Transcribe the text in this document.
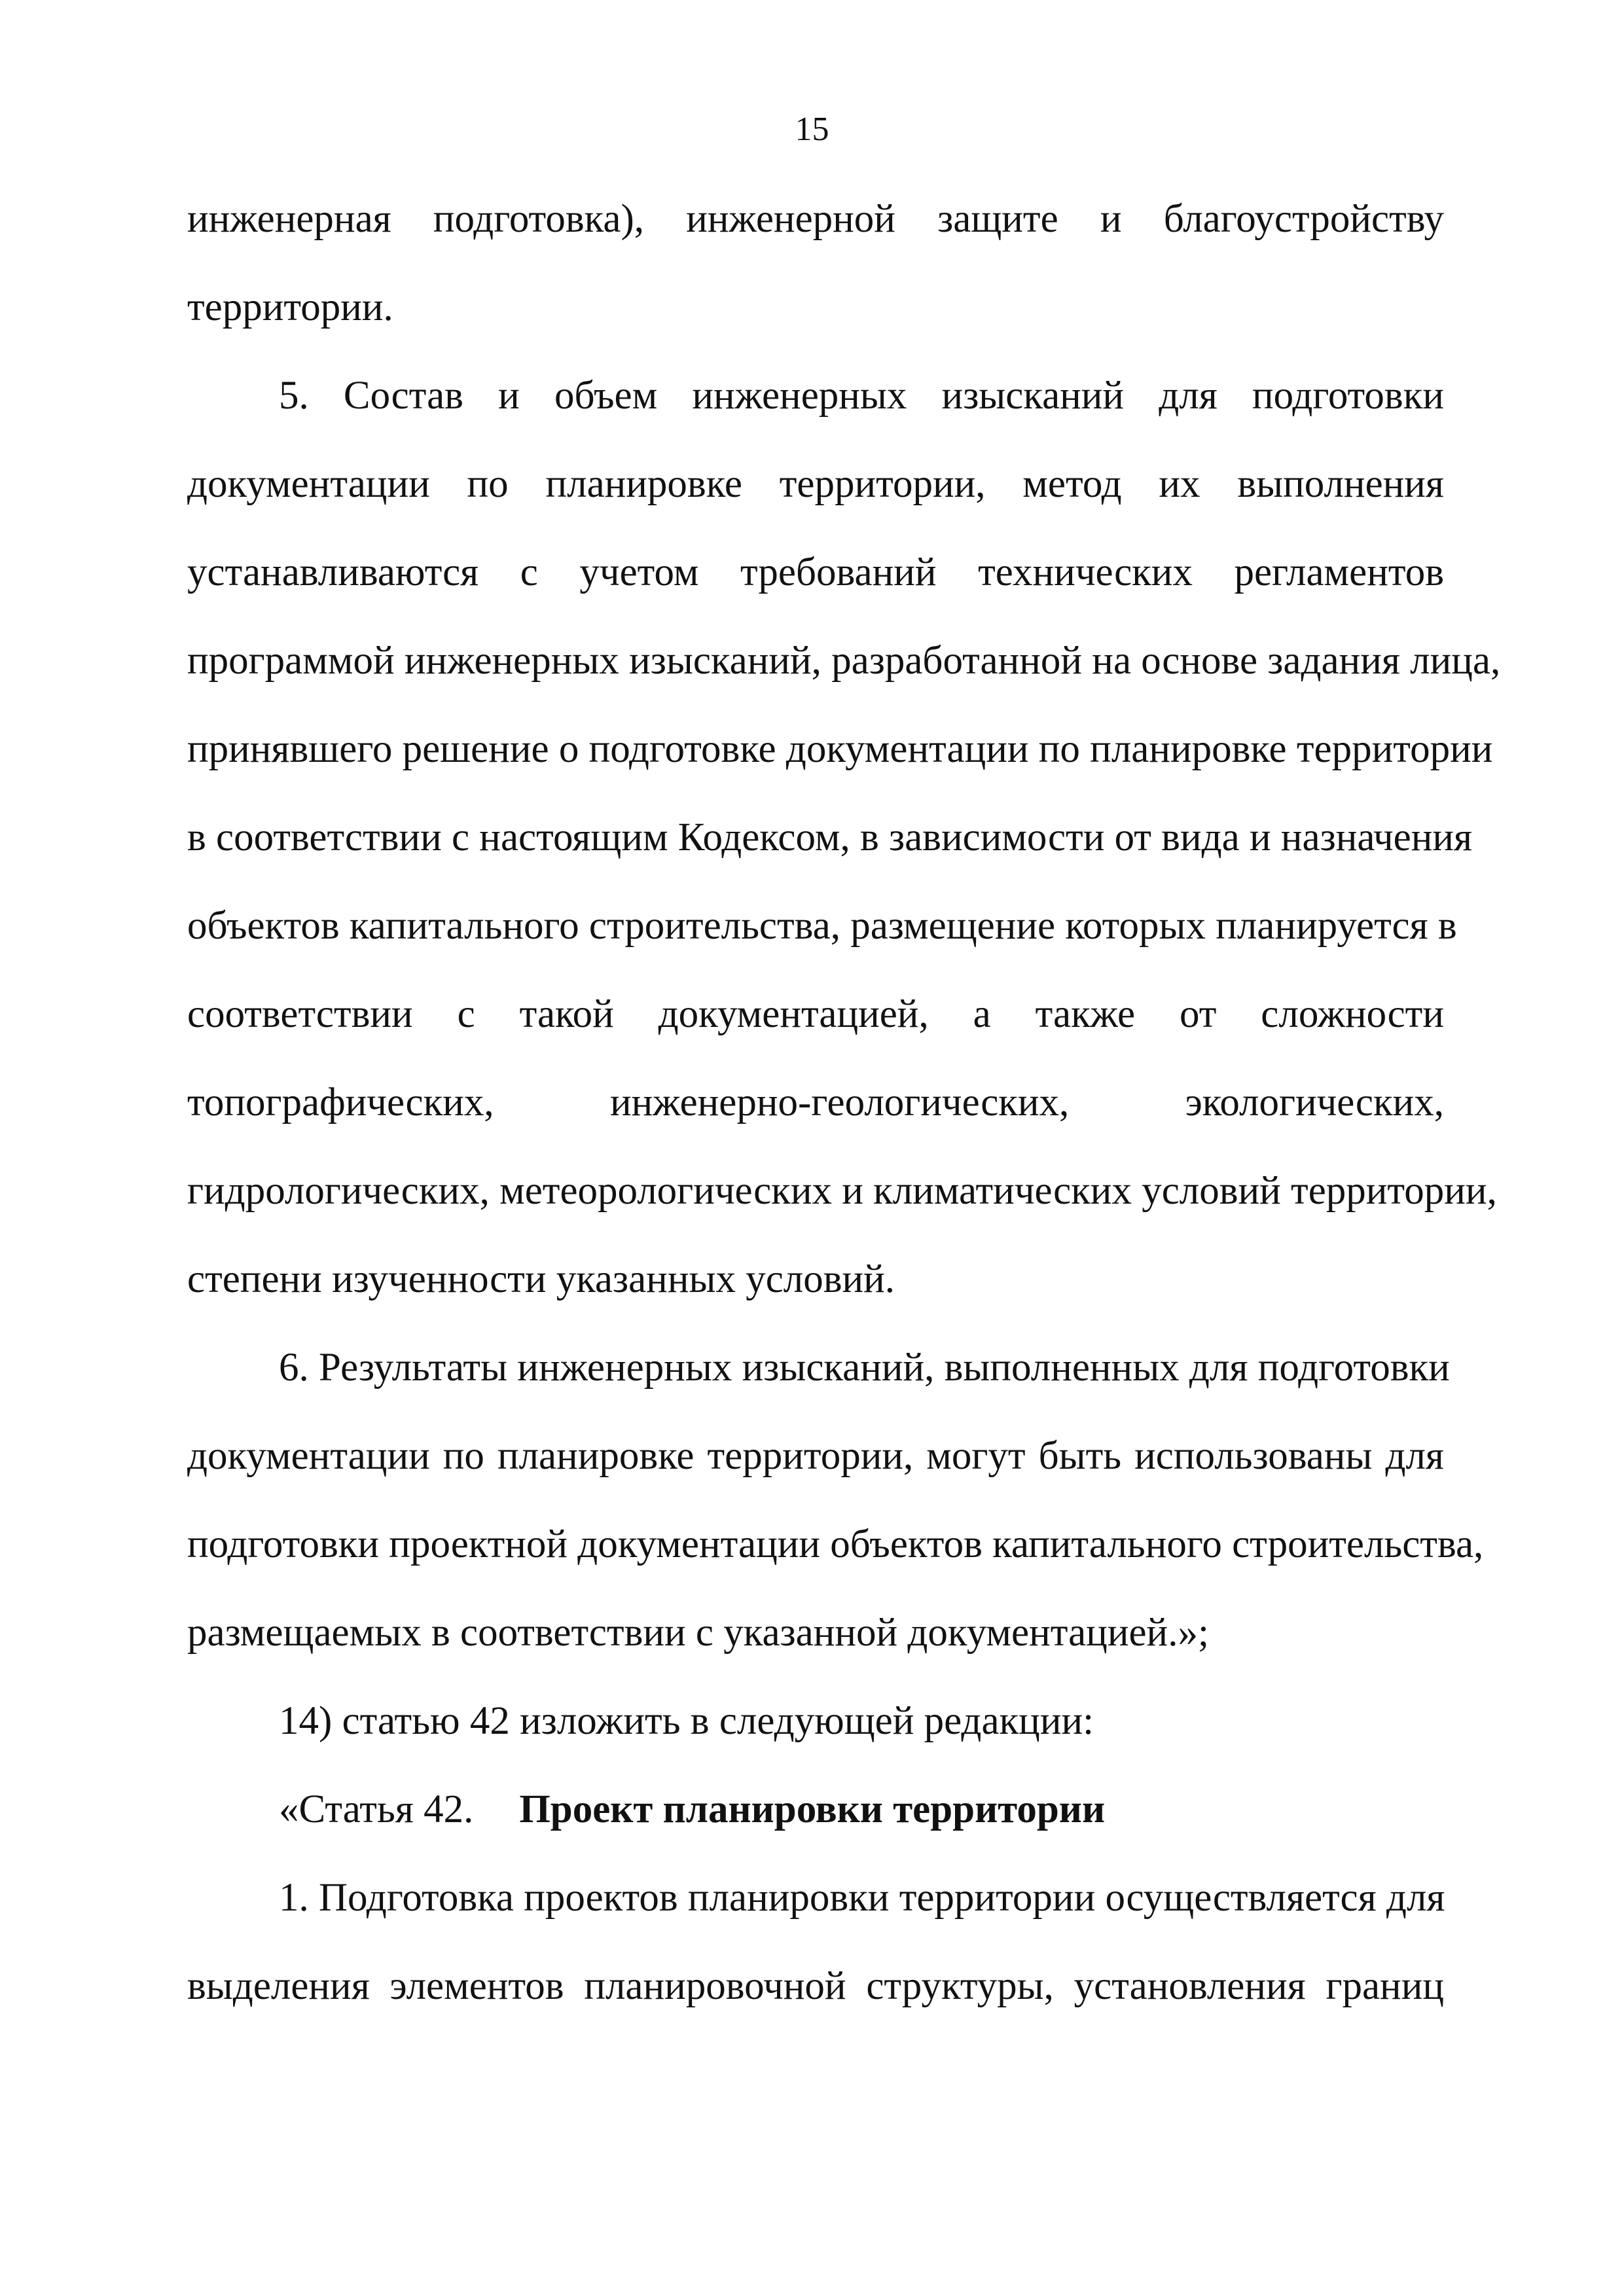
15
инженерная подготовка), инженерной защите и благоустройству
территории.
5. Состав и объем инженерных изысканий для подготовки
документации по планировке территории, метод их выполнения
устанавливаются с учетом требований технических регламентов
программой инженерных изысканий, разработанной на основе задания лица,
принявшего решение о подготовке документации по планировке территории
в соответствии с настоящим Кодексом, в зависимости от вида и назначения
объектов капитального строительства, размещение которых планируется в
соответствии с такой документацией, а также от сложности
топографических, инженерно-геологических, экологических,
гидрологических, метеорологических и климатических условий территории,
степени изученности указанных условий.
6. Результаты инженерных изысканий, выполненных для подготовки
документации по планировке территории, могут быть использованы для
подготовки проектной документации объектов капитального строительства,
размещаемых в соответствии с указанной документацией.»;
14) статью 42 изложить в следующей редакции:
«Статья 42. Проект планировки территории
1. Подготовка проектов планировки территории осуществляется для
выделения элементов планировочной структуры, установления границ
